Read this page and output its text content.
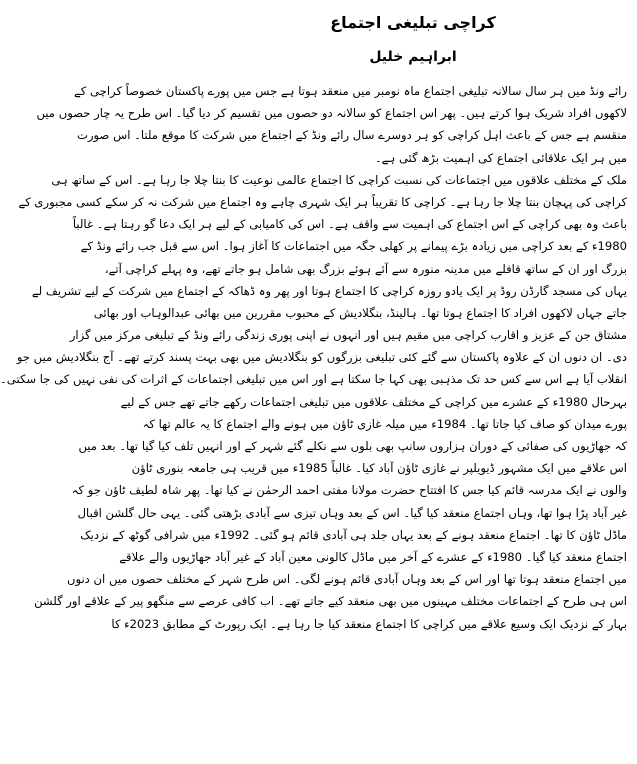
کراچی تبلیغی اجتماع
ابراہیم خلیل
رائے ونڈ میں ہر سال سالانہ تبلیغی اجتماع ماہ نومبر میں منعقد ہوتا ہے جس میں پورے پاکستان خصوصاً کراچی کے
لاکھوں افراد شریک ہوا کرتے ہیں۔ پھر اس اجتماع کو سالانہ دو حصوں میں تقسیم کر دیا گیا۔ اس طرح یہ چار حصوں میں
منقسم ہے جس کے باعث اہل کراچی کو ہر دوسرے سال رائے ونڈ کے اجتماع میں شرکت کا موقع ملتا۔ اس صورت
میں ہر ایک علاقائی اجتماع کی اہمیت بڑھ گئی ہے۔
ملک کے مختلف علاقوں میں اجتماعات کی نسبت کراچی کا اجتماع عالمی نوعیت کا بنتا چلا جا رہا ہے۔ اس کے ساتھ ہی
کراچی کی پہچان بنتا چلا جا رہا ہے۔ کراچی کا تقریباً ہر ایک شہری چاہے وہ اجتماع میں شرکت نہ کر سکے کسی مجبوری کے
باعث وہ بھی کراچی کے اس اجتماع کی اہمیت سے واقف ہے۔ اس کی کامیابی کے لیے ہر ایک دعا گو رہتا ہے۔ غالباً
1980ء کے بعد کراچی میں زیادہ بڑے پیمانے پر کھلی جگہ میں اجتماعات کا آغاز ہوا۔ اس سے قبل جب رائے ونڈ کے
بزرگ اور ان کے ساتھ قافلے میں مدینہ منورہ سے آئے ہوئے بزرگ بھی شامل ہو جاتے تھے، وہ پہلے کراچی آتے،
یہاں کی مسجد گارڈن روڈ پر ایک یادو روزہ کراچی کا اجتماع ہوتا اور پھر وہ ڈھاکہ کے اجتماع میں شرکت کے لیے تشریف لے
جاتے جہاں لاکھوں افراد کا اجتماع ہوتا تھا۔ ہالینڈ، بنگلادیش کے محبوب مقررین میں بھائی عبدالوہاب اور بھائی
مشتاق جن کے عزیز و اقارب کراچی میں مقیم ہیں اور انہوں نے اپنی پوری زندگی رائے ونڈ کے تبلیغی مرکز میں گزار
دی۔ ان دنوں ان کے علاوہ پاکستان سے گئے کئی تبلیغی بزرگوں کو بنگلادیش میں بھی بہت پسند کرتے تھے۔ آج بنگلادیش میں جو
انقلاب آیا ہے اس سے کس حد تک مذہبی بھی کہا جا سکتا ہے اور اس میں تبلیغی اجتماعات کے اثرات کی نفی نہیں کی جا سکتی۔
بہرحال 1980ء کے عشرے میں کراچی کے مختلف علاقوں میں تبلیغی اجتماعات رکھے جاتے تھے جس کے لیے
پورے میدان کو صاف کیا جاتا تھا۔ 1984ء میں میلہ غازی ٹاؤن میں ہونے والے اجتماع کا یہ عالم تھا کہ
کہ جھاڑیوں کی صفائی کے دوران ہزاروں سانپ بھی بلوں سے نکلے گئے شہر کے اور انہیں تلف کیا گیا تھا۔ بعد میں
اس علاقے میں ایک مشہور ڈیویلپر نے غازی ٹاؤن آباد کیا۔ غالباً 1985ء میں قریب ہی جامعہ بنوری ٹاؤن
والوں نے ایک مدرسہ قائم کیا جس کا افتتاح حضرت مولانا مفتی احمد الرحمٰن نے کیا تھا۔ پھر شاہ لطیف ٹاؤن جو کہ
غیر آباد پڑا ہوا تھا، وہاں اجتماع منعقد کیا گیا۔ اس کے بعد وہاں تیزی سے آبادی بڑھتی گئی۔ یہی حال گلشن اقبال
ماڈل ٹاؤن کا تھا۔ اجتماع منعقد ہونے کے بعد یہاں جلد ہی آبادی قائم ہو گئی۔ 1992ء میں شرافی گوٹھ کے نزدیک
اجتماع منعقد کیا گیا۔ 1980ء کے عشرے کے آخر میں ماڈل کالونی معین آباد کے غیر آباد جھاڑیوں والے علاقے
میں اجتماع منعقد ہوتا تھا اور اس کے بعد وہاں آبادی قائم ہونے لگی۔ اس طرح شہر کے مختلف حصوں میں ان دنوں
اس ہی طرح کے اجتماعات مختلف مہینوں میں بھی منعقد کیے جاتے تھے۔ اب کافی عرصے سے منگھو پیر کے علاقے اور گلشن
بہار کے نزدیک ایک وسیع علاقے میں کراچی کا اجتماع منعقد کیا جا رہا ہے۔ ایک رپورٹ کے مطابق 2023ء کا
